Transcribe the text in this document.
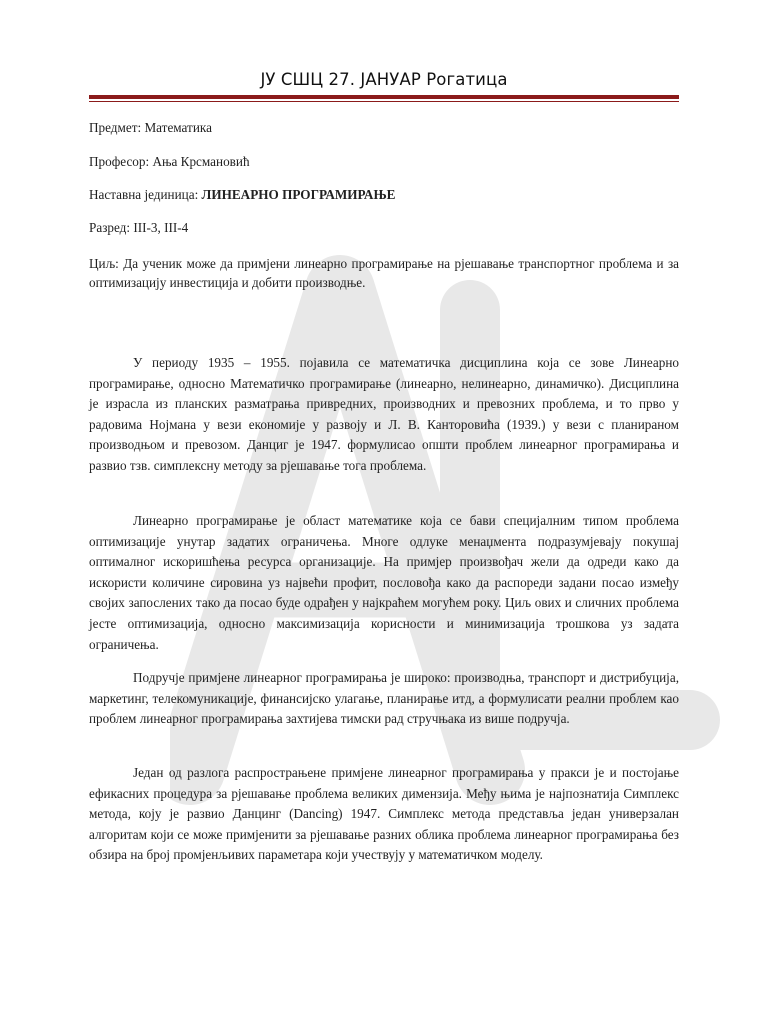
ЈУ СШЦ 27. ЈАНУАР Рогатица
Предмет: Математика
Професор: Ања Крсмановић
Наставна јединица: ЛИНЕАРНО ПРОГРАМИРАЊЕ
Разред: III-3, III-4
Циљ: Да ученик може да примјени линеарно програмирање на рјешавање транспортног проблема и за оптимизацију инвестиција и добити производње.

У периоду 1935 – 1955. појавила се математичка дисциплина која се зове Линеарно програмирање, односно Математичко програмирање (линеарно, нелинеарно, динамичко). Дисциплина је израсла из планских разматрања привредних, производних и превозних проблема, и то прво у радовима Нојмана у вези економије у развоју и Л. В. Канторовића (1939.) у вези с планираном производњом и превозом. Данциг је 1947. формулисао општи проблем линеарног програмирања и развио тзв. симплексну методу за рјешавање тога проблема.

Линеарно програмирање је област математике која се бави специјалним типом проблема оптимизације унутар задатих ограничења. Многе одлуке менаџмента подразумјевају покушај оптималног искоришћења ресурса организације. На примјер произвођач жели да одреди како да искористи количине сировина уз највећи профит, пословођа како да распореди задани посао између својих запослених тако да посао буде одрађен у најкраћем могућем року. Циљ ових и сличних проблема јесте оптимизација, односно максимизација корисности и минимизација трошкова уз задата ограничења.

Подручје примјене линеарног програмирања је широко: производња, транспорт и дистрибуција, маркетинг, телекомуникације, финансијско улагање, планирање итд, а формулисати реални проблем као проблем линеарног програмирања захтијева тимски рад стручњака из више подручја.

Један од разлога распрострањене примјене линеарног програмирања у пракси је и постојање ефикасних процедура за рјешавање проблема великих димензија. Међу њима је најпознатија Симплекс метода, коју је развио Данцинг (Dancing) 1947. Симплекс метода представља један универзалан алгоритам који се може примјенити за рјешавање разних облика проблема линеарног програмирања без обзира на број промјенљивих параметара који учествују у математичком моделу.
